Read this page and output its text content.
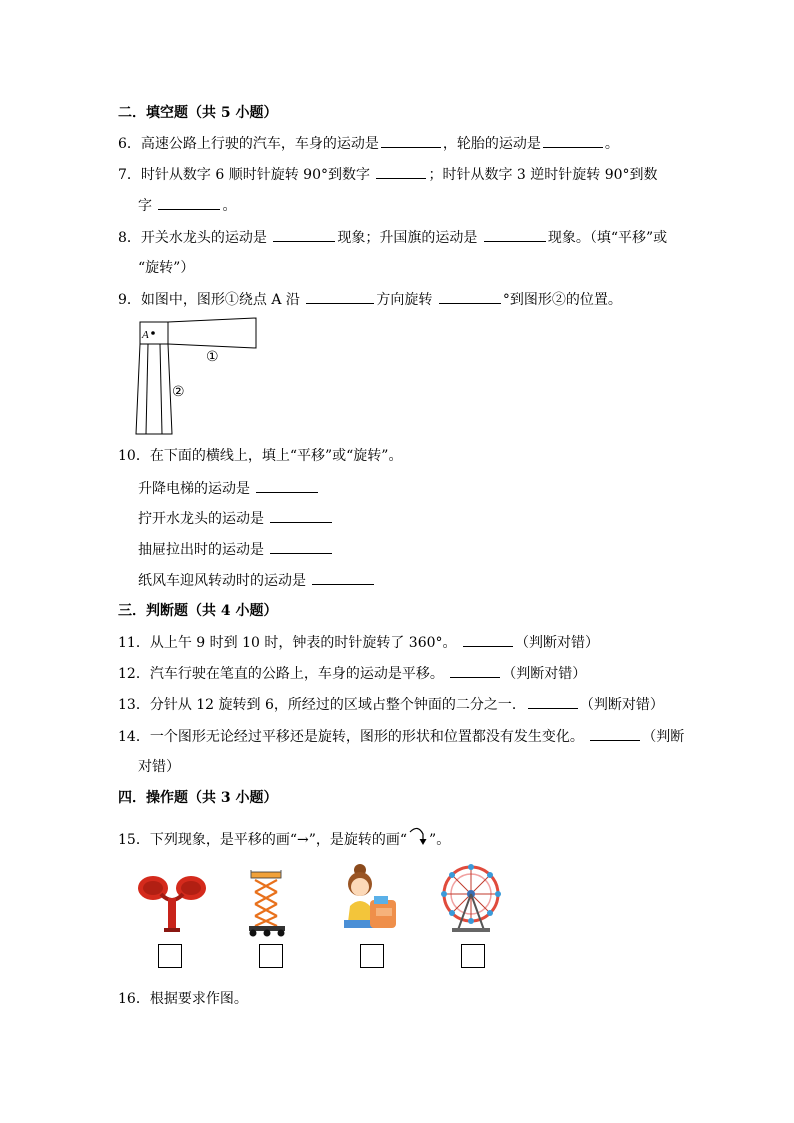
二．填空题（共 5 小题）
6．高速公路上行驶的汽车，车身的运动是	，轮胎的运动是	。
7．时针从数字 6 顺时针旋转 90°到数字	；时针从数字 3 逆时针旋转 90°到数
字	。
8．开关水龙头的运动是	现象；升国旗的运动是	现象。（填“平移”或
“旋转”）
9．如图中，图形①绕点 A 沿	方向旋转	°到图形②的位置。
A
①
②
10．在下面的横线上，填上“平移”或“旋转”。
升降电梯的运动是
拧开水龙头的运动是
抽屉拉出时的运动是
纸风车迎风转动时的运动是
三．判断题（共 4 小题）
11．从上午 9 时到 10 时，钟表的时针旋转了 360°。	（判断对错）
12．汽车行驶在笔直的公路上，车身的运动是平移。	（判断对错）
13．分针从 12 旋转到 6，所经过的区域占整个钟面的二分之一．	（判断对错）
14．一个图形无论经过平移还是旋转，图形的形状和位置都没有发生变化。	（判断
对错）
四．操作题（共 3 小题）
15．下列现象，是平移的画“→”，是旋转的画“ ”。
16．根据要求作图。
